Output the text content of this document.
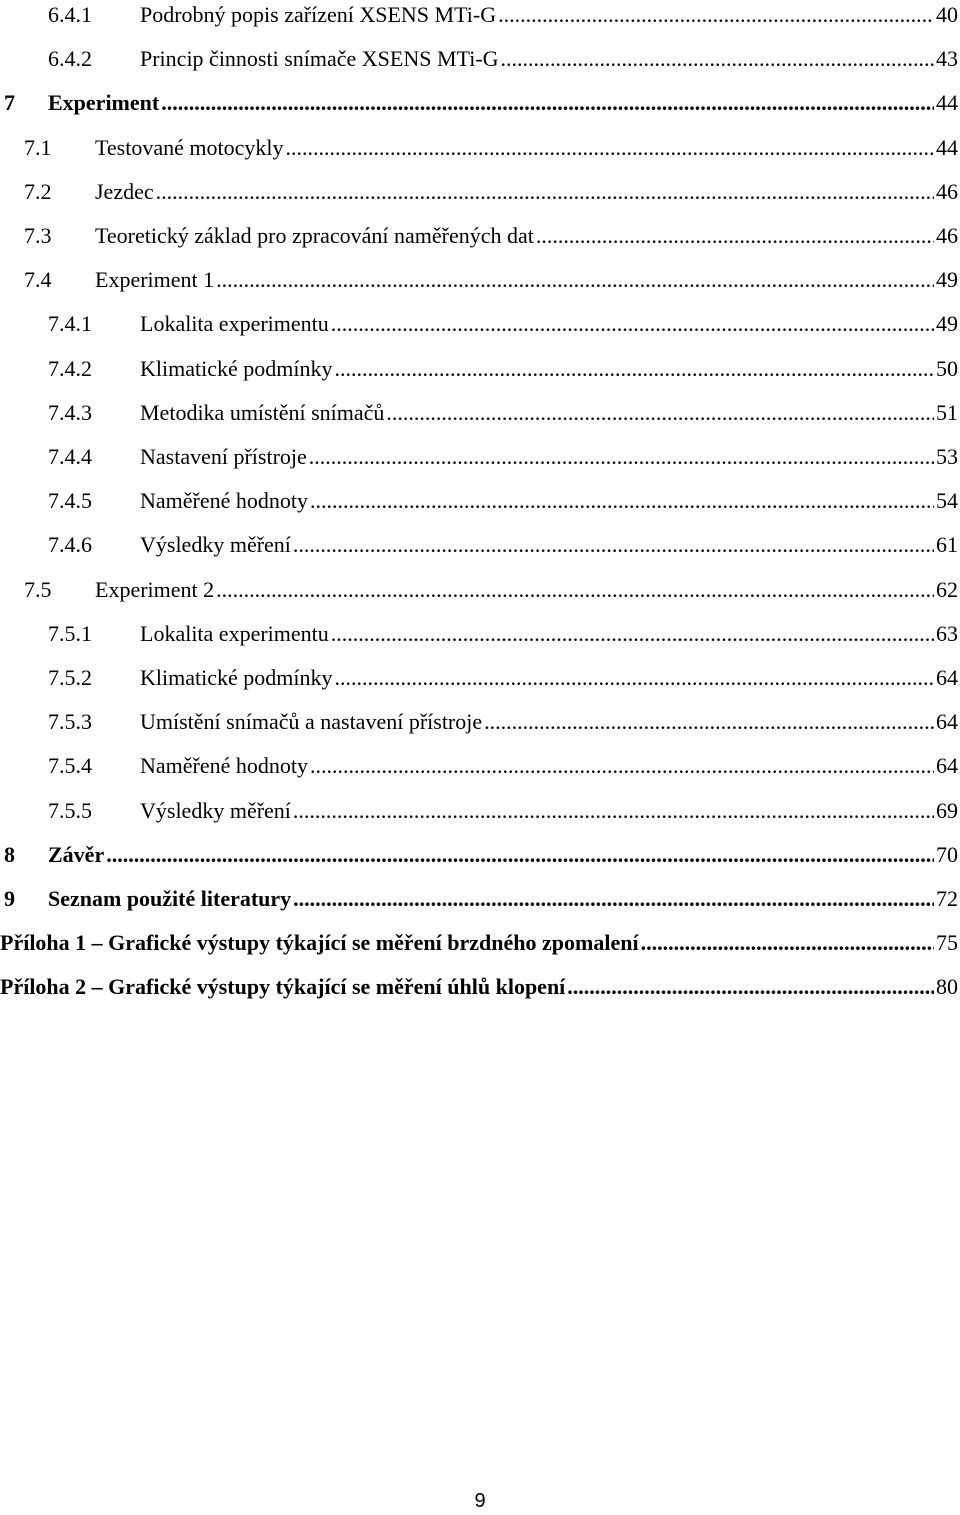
6.4.1	Podrobný popis zařízení XSENS MTi-G .....	40
6.4.2	Princip činnosti snímače XSENS MTi-G .....	43
7	Experiment .....	44
7.1	Testované motocykly .....	44
7.2	Jezdec .....	46
7.3	Teoretický základ pro zpracování naměřených dat .....	46
7.4	Experiment 1 .....	49
7.4.1	Lokalita experimentu .....	49
7.4.2	Klimatické podmínky .....	50
7.4.3	Metodika umístění snímačů .....	51
7.4.4	Nastavení přístroje .....	53
7.4.5	Naměřené hodnoty .....	54
7.4.6	Výsledky měření .....	61
7.5	Experiment 2 .....	62
7.5.1	Lokalita experimentu .....	63
7.5.2	Klimatické podmínky .....	64
7.5.3	Umístění snímačů a nastavení přístroje .....	64
7.5.4	Naměřené hodnoty .....	64
7.5.5	Výsledky měření .....	69
8	Závěr .....	70
9	Seznam použité literatury .....	72
Příloha 1 – Grafické výstupy týkající se měření brzdného zpomalení .....	75
Příloha 2 – Grafické výstupy týkající se měření úhlů klopení .....	80
9
